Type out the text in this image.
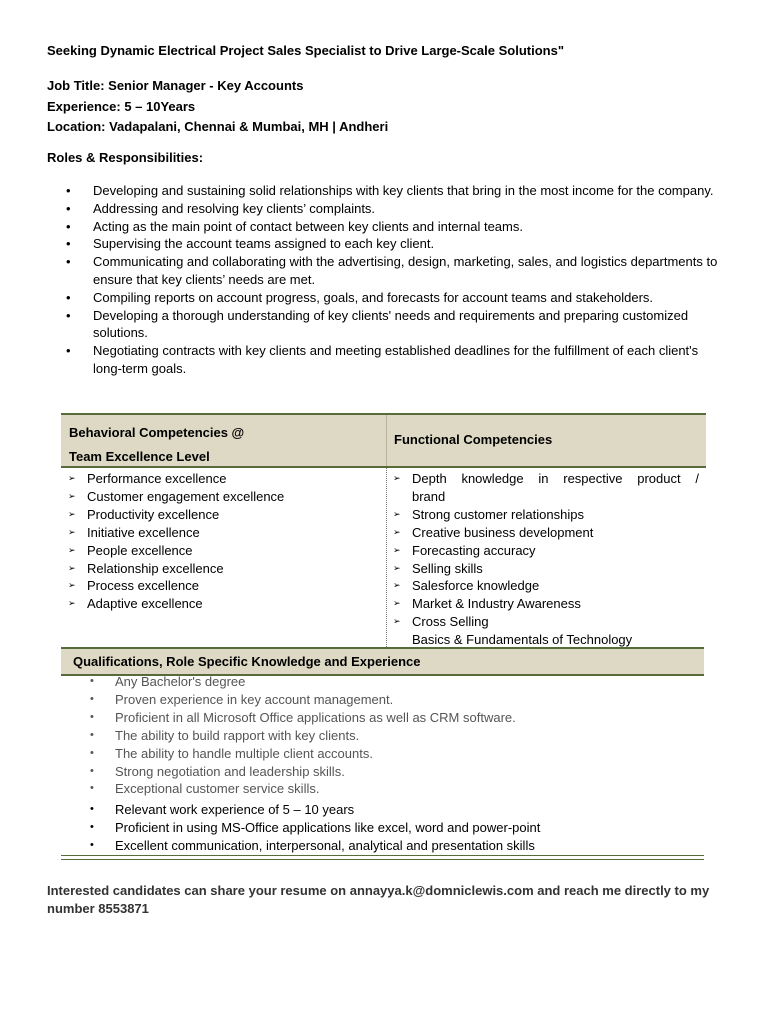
Seeking Dynamic Electrical Project Sales Specialist to Drive Large-Scale Solutions"
Job Title: Senior Manager - Key Accounts
Experience: 5 – 10Years
Location: Vadapalani, Chennai & Mumbai, MH | Andheri
Roles & Responsibilities:
• Developing and sustaining solid relationships with key clients that bring in the most income for the company.
• Addressing and resolving key clients’ complaints.
• Acting as the main point of contact between key clients and internal teams.
• Supervising the account teams assigned to each key client.
• Communicating and collaborating with the advertising, design, marketing, sales, and logistics departments to ensure that key clients’ needs are met.
• Compiling reports on account progress, goals, and forecasts for account teams and stakeholders.
• Developing a thorough understanding of key clients' needs and requirements and preparing customized solutions.
• Negotiating contracts with key clients and meeting established deadlines for the fulfillment of each client's long-term goals.
Behavioral Competencies @
Team Excellence Level
Functional Competencies
➢ Performance excellence
➢ Customer engagement excellence
➢ Productivity excellence
➢ Initiative excellence
➢ People excellence
➢ Relationship excellence
➢ Process excellence
➢ Adaptive excellence
➢ Depth knowledge in respective product /
brand
➢ Strong customer relationships
➢ Creative business development
➢ Forecasting accuracy
➢ Selling skills
➢ Salesforce knowledge
➢ Market & Industry Awareness
➢ Cross Selling
Basics & Fundamentals of Technology
Qualifications, Role Specific Knowledge and Experience
• Any Bachelor's degree
• Proven experience in key account management.
• Proficient in all Microsoft Office applications as well as CRM software.
• The ability to build rapport with key clients.
• The ability to handle multiple client accounts.
• Strong negotiation and leadership skills.
• Exceptional customer service skills.
• Relevant work experience of 5 – 10 years
• Proficient in using MS-Office applications like excel, word and power-point
• Excellent communication, interpersonal, analytical and presentation skills
Interested candidates can share your resume on annayya.k@domniclewis.com and reach me directly to my number 8553871
